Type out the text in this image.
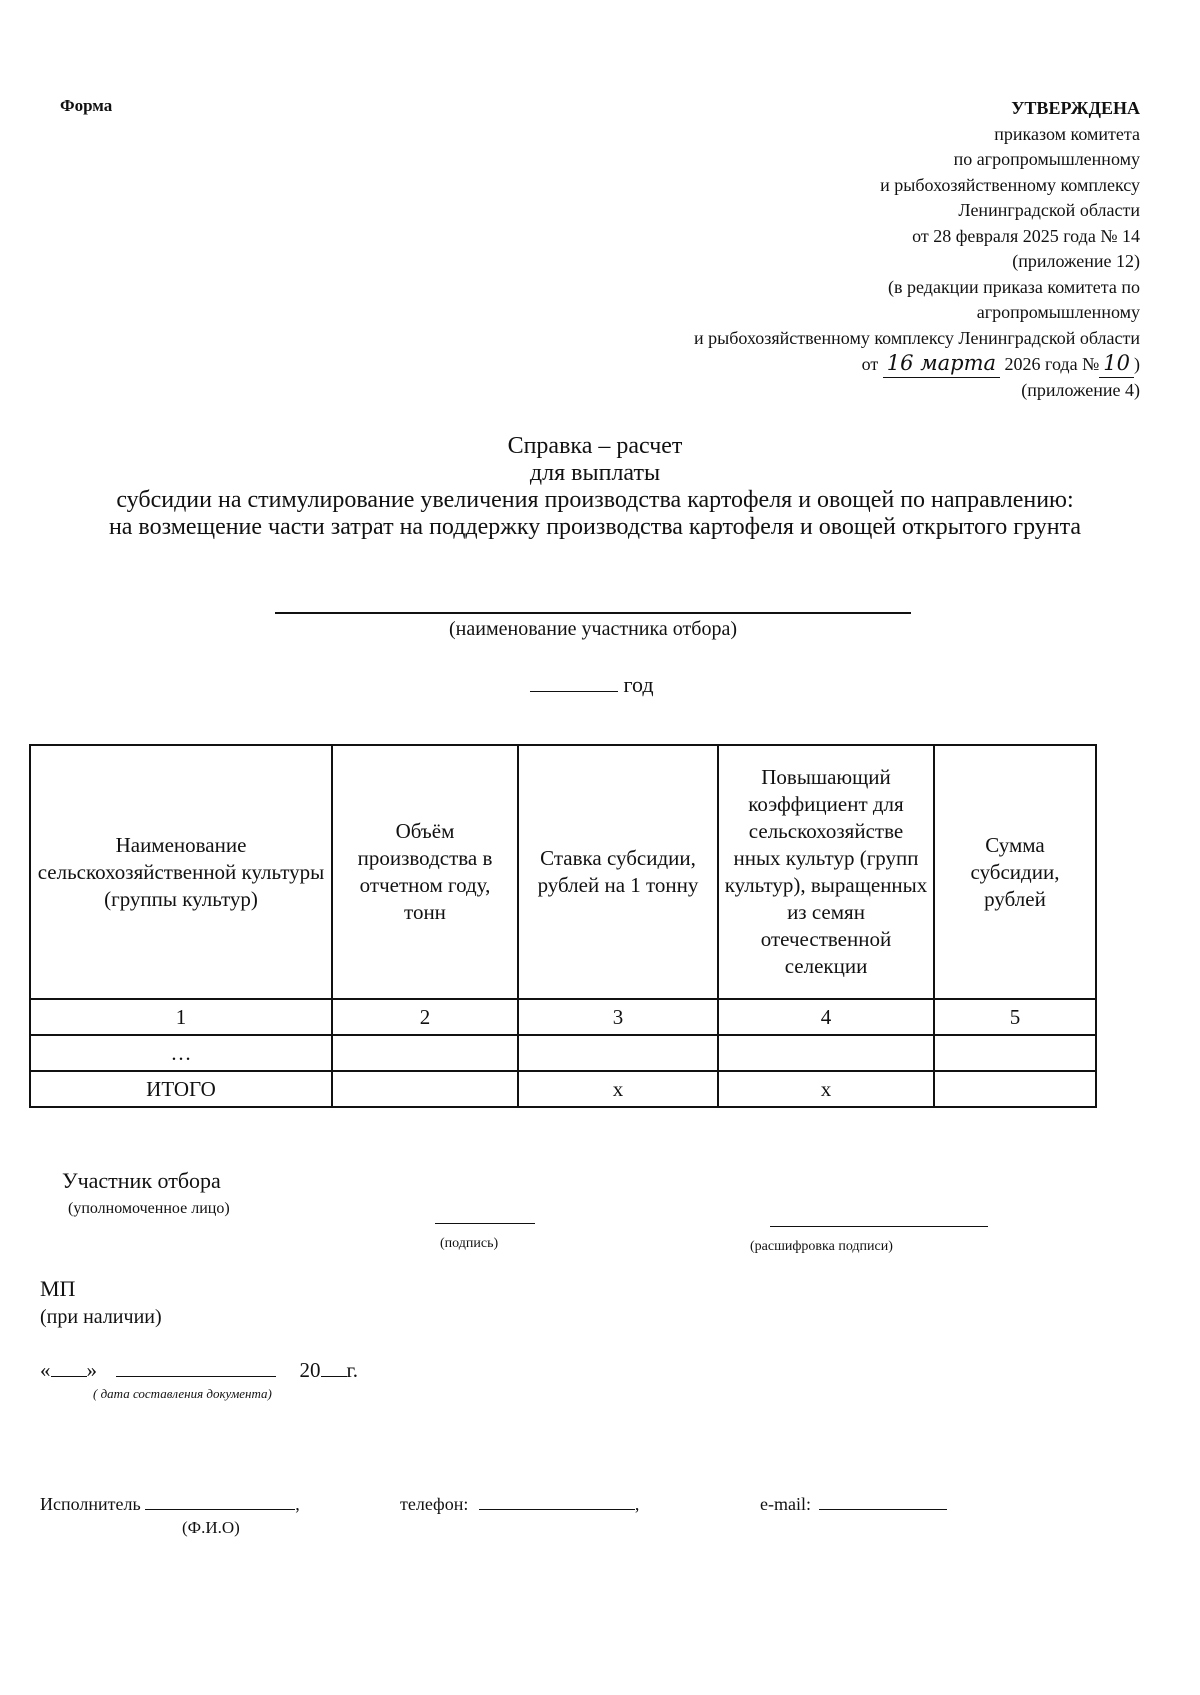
Форма	УТВЕРЖДЕНА
приказом комитета
по агропромышленному
и рыбохозяйственному комплексу
Ленинградской области
от 28 февраля 2025 года № 14
(приложение 12)
(в редакции приказа комитета по
агропромышленному
и рыбохозяйственному комплексу Ленинградской области
от 16 марта 2026 года № 10 )
(приложение 4)
Справка – расчет
для выплаты
субсидии на стимулирование увеличения производства картофеля и овощей по направлению:
на возмещение части затрат на поддержку производства картофеля и овощей открытого грунта
(наименование участника отбора)
год
Наименование сельскохозяйственной культуры (группы культур)	Объём производства в отчетном году, тонн	Ставка субсидии, рублей на 1 тонну	Повышающий коэффициент для сельскохозяйстве нных культур (групп культур), выращенных из семян отечественной селекции	Сумма субсидии, рублей
1	2	3	4	5
…				
ИТОГО		х	х	
Участник отбора
(уполномоченное лицо)
(подпись)	(расшифровка подписи)
МП
(при наличии)
« »	20 г.
( дата составления документа)
Исполнитель	,
(Ф.И.О)
телефон:	,	e-mail:
